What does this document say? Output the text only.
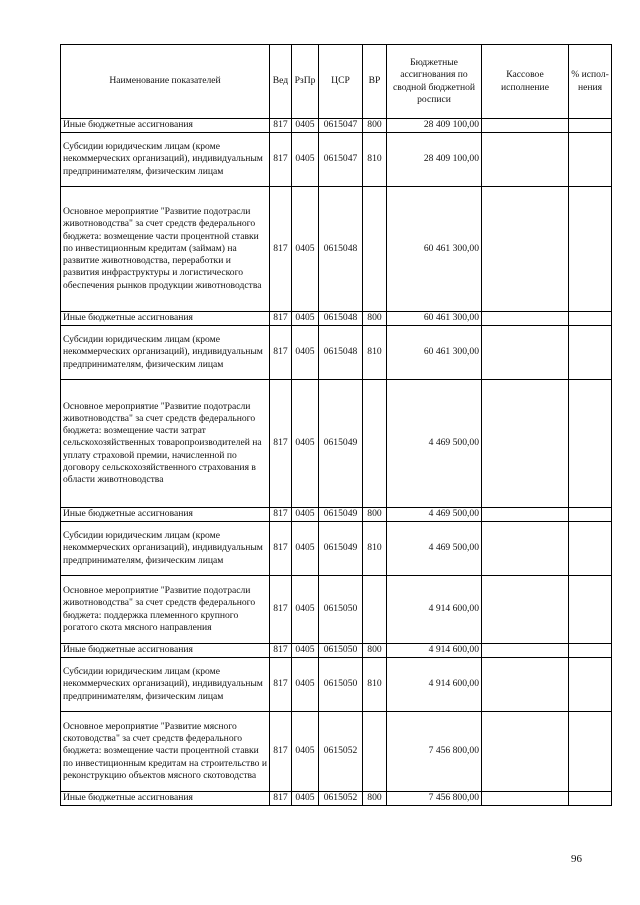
Наименование показателей	Вед	РзПр	ЦСР	ВР	Бюджетные ассигнования по сводной бюджетной росписи	Кассовое исполнение	% испол-нения
Иные бюджетные ассигнования	817	0405	0615047	800	28 409 100,00		
Субсидии юридическим лицам (кроме некоммерческих организаций), индивидуальным предпринимателям, физическим лицам	817	0405	0615047	810	28 409 100,00		
Основное мероприятие "Развитие подотрасли животноводства" за счет средств федерального бюджета: возмещение части процентной ставки по инвестиционным кредитам (займам) на развитие животноводства, переработки и развития инфраструктуры и логистического обеспечения рынков продукции животноводства	817	0405	0615048		60 461 300,00		
Иные бюджетные ассигнования	817	0405	0615048	800	60 461 300,00		
Субсидии юридическим лицам (кроме некоммерческих организаций), индивидуальным предпринимателям, физическим лицам	817	0405	0615048	810	60 461 300,00		
Основное мероприятие "Развитие подотрасли животноводства" за счет средств федерального бюджета: возмещение части затрат сельскохозяйственных товаропроизводителей на уплату страховой премии, начисленной по договору сельскохозяйственного страхования в области животноводства	817	0405	0615049		4 469 500,00		
Иные бюджетные ассигнования	817	0405	0615049	800	4 469 500,00		
Субсидии юридическим лицам (кроме некоммерческих организаций), индивидуальным предпринимателям, физическим лицам	817	0405	0615049	810	4 469 500,00		
Основное мероприятие "Развитие подотрасли животноводства" за счет средств федерального бюджета: поддержка племенного крупного рогатого скота мясного направления	817	0405	0615050		4 914 600,00		
Иные бюджетные ассигнования	817	0405	0615050	800	4 914 600,00		
Субсидии юридическим лицам (кроме некоммерческих организаций), индивидуальным предпринимателям, физическим лицам	817	0405	0615050	810	4 914 600,00		
Основное мероприятие "Развитие мясного скотоводства" за счет средств федерального бюджета: возмещение части процентной ставки по инвестиционным кредитам на строительство и реконструкцию объектов мясного скотоводства	817	0405	0615052		7 456 800,00		
Иные бюджетные ассигнования	817	0405	0615052	800	7 456 800,00		
96
